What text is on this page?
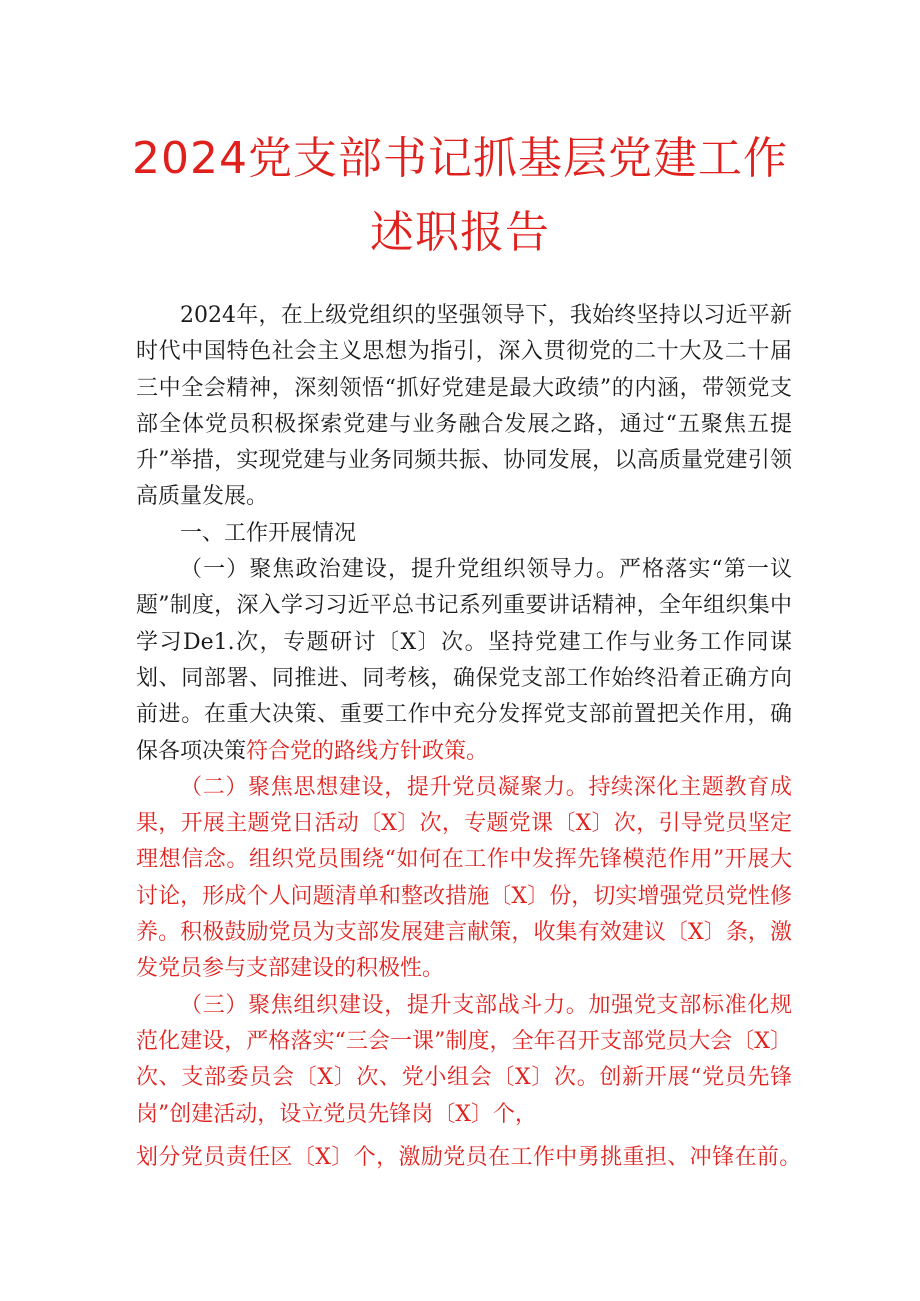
2024党支部书记抓基层党建工作
述职报告

2024年，在上级党组织的坚强领导下，我始终坚持以习近平新时代中国特色社会主义思想为指引，深入贯彻党的二十大及二十届三中全会精神，深刻领悟“抓好党建是最大政绩”的内涵，带领党支部全体党员积极探索党建与业务融合发展之路，通过“五聚焦五提升”举措，实现党建与业务同频共振、协同发展，以高质量党建引领高质量发展。

一、工作开展情况

（一）聚焦政治建设，提升党组织领导力。严格落实“第一议题”制度，深入学习习近平总书记系列重要讲话精神，全年组织集中学习De1.次，专题研讨〔X〕次。坚持党建工作与业务工作同谋划、同部署、同推进、同考核，确保党支部工作始终沿着正确方向前进。在重大决策、重要工作中充分发挥党支部前置把关作用，确保各项决策符合党的路线方针政策。

（二）聚焦思想建设，提升党员凝聚力。持续深化主题教育成果，开展主题党日活动〔X〕次，专题党课〔X〕次，引导党员坚定理想信念。组织党员围绕“如何在工作中发挥先锋模范作用”开展大讨论，形成个人问题清单和整改措施〔X〕份，切实增强党员党性修养。积极鼓励党员为支部发展建言献策，收集有效建议〔X〕条，激发党员参与支部建设的积极性。

（三）聚焦组织建设，提升支部战斗力。加强党支部标准化规范化建设，严格落实“三会一课”制度，全年召开支部党员大会〔X〕次、支部委员会〔X〕次、党小组会〔X〕次。创新开展“党员先锋岗”创建活动，设立党员先锋岗〔X〕个，

划分党员责任区〔X〕个，激励党员在工作中勇挑重担、冲锋在前。
